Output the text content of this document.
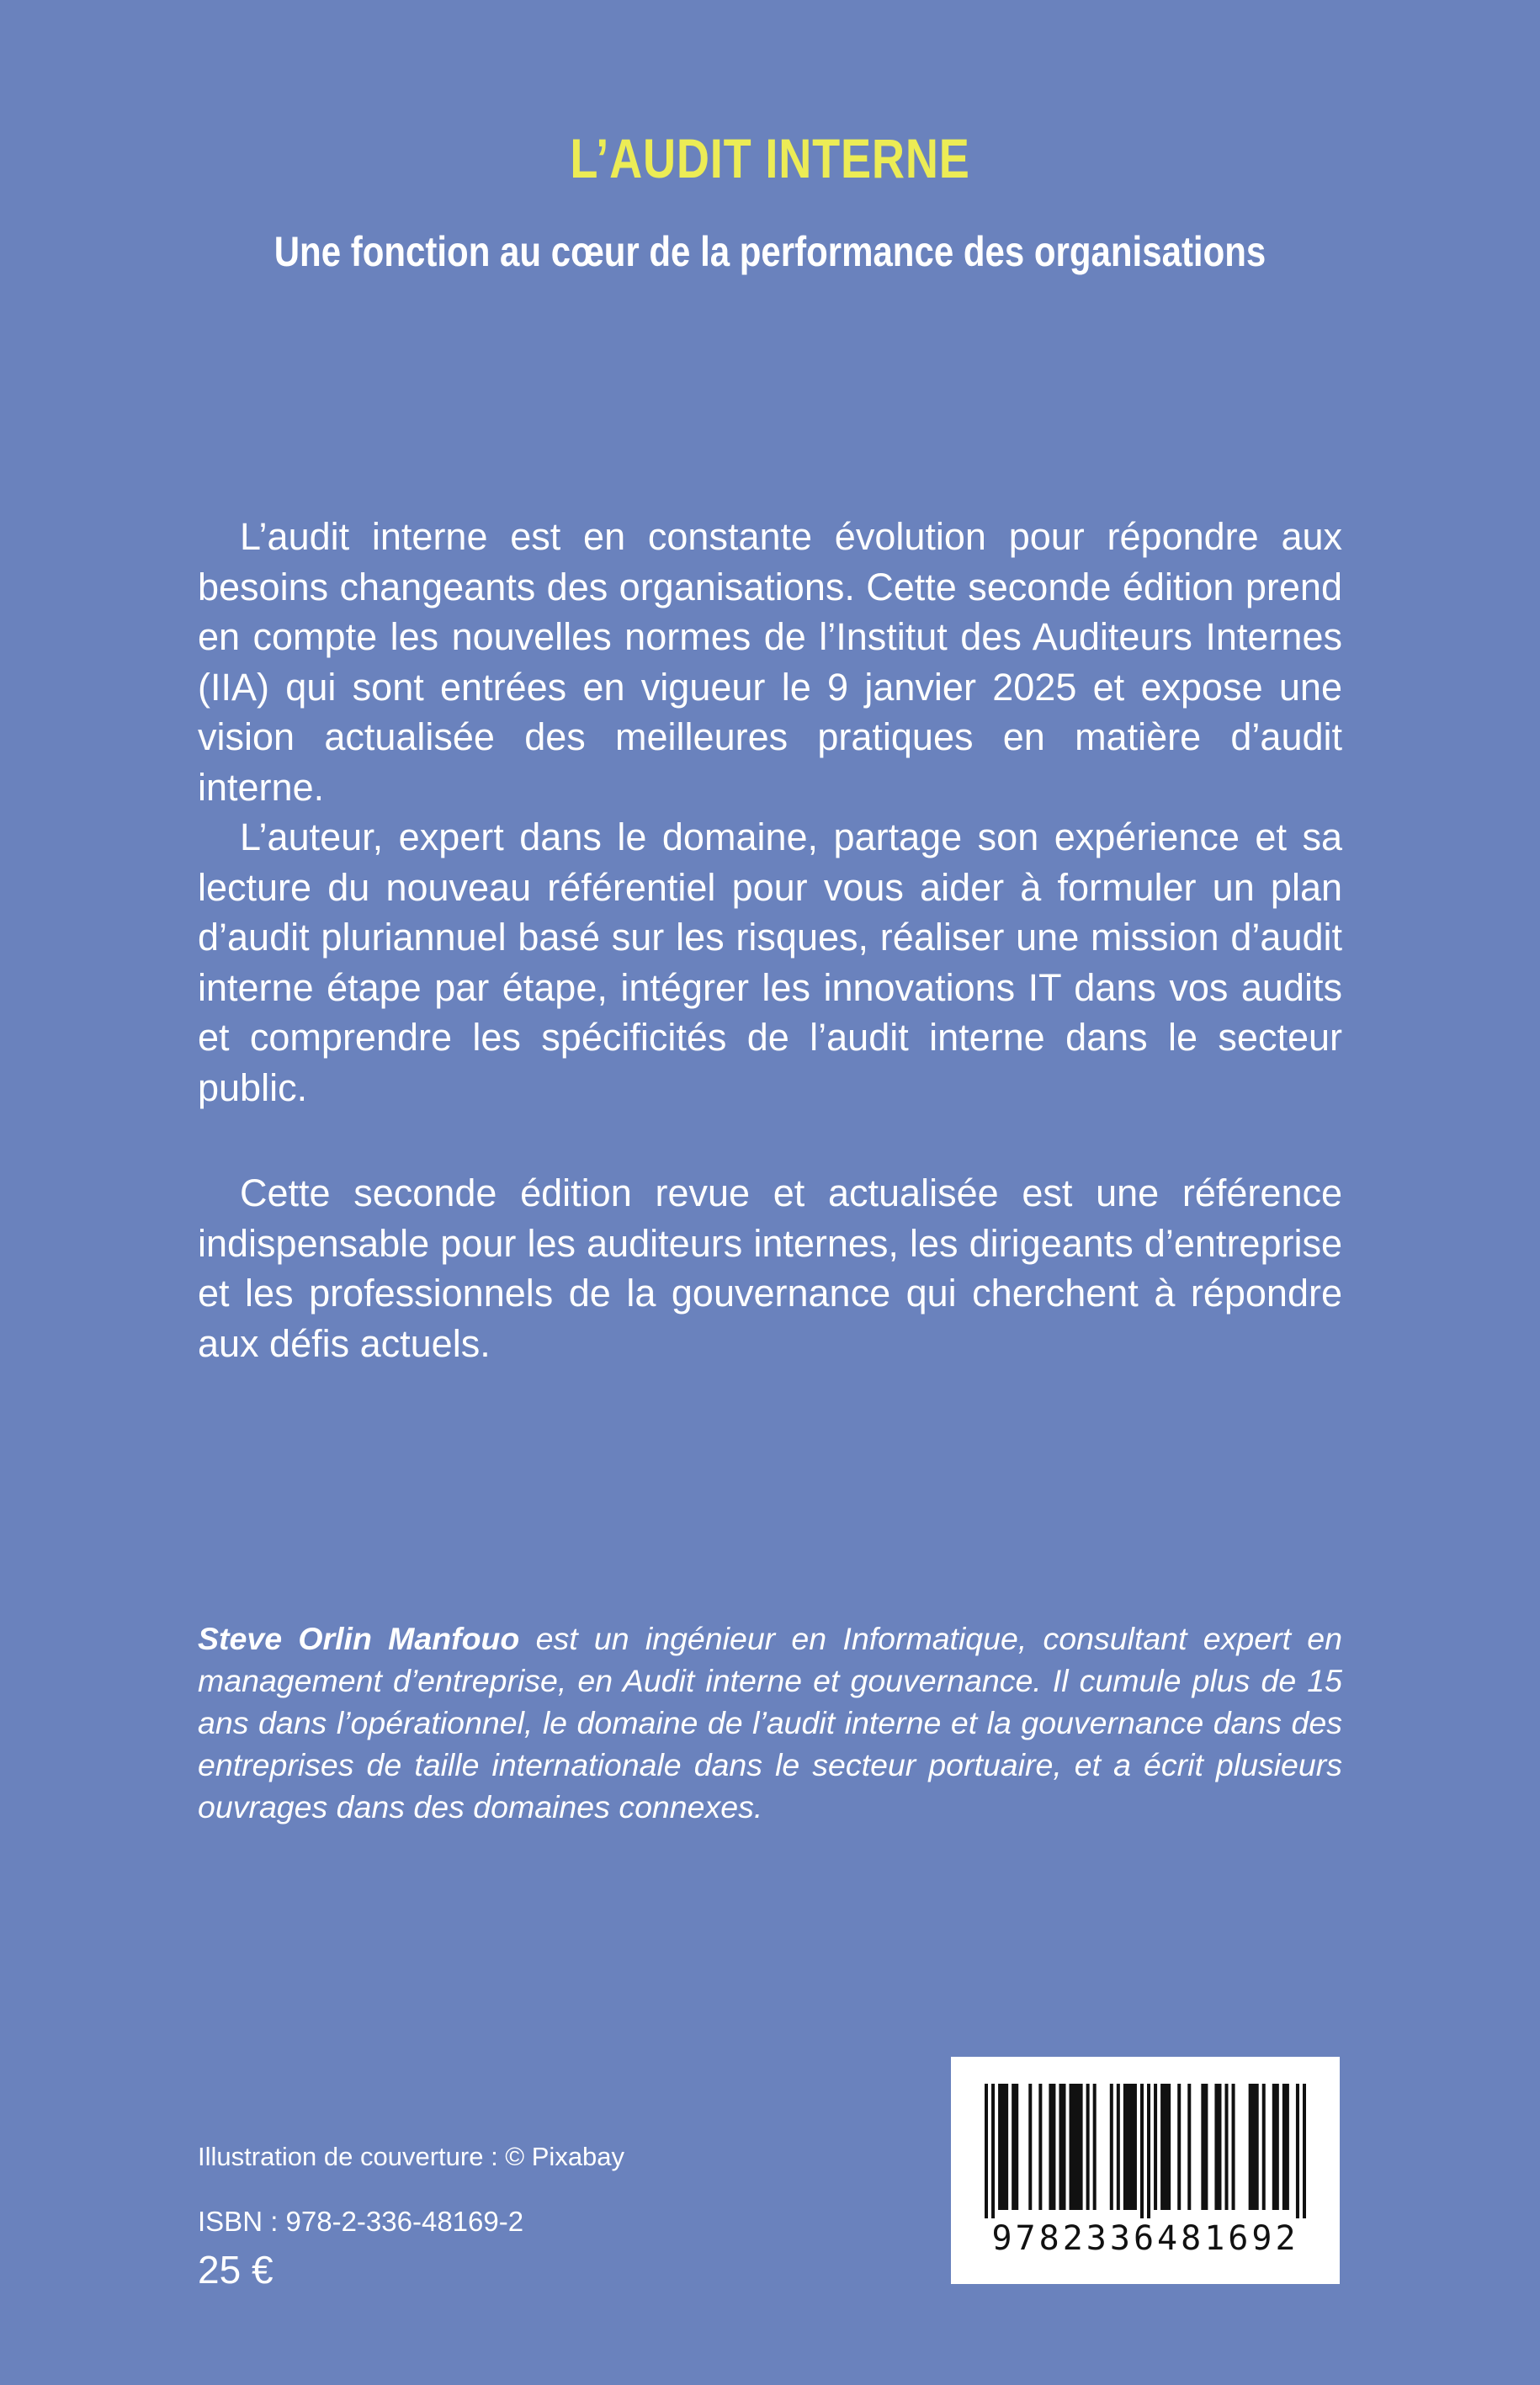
L’AUDIT INTERNE
Une fonction au cœur de la performance des organisations

L’audit interne est en constante évolution pour répondre aux besoins changeants des organisations. Cette seconde édition prend en compte les nouvelles normes de l’Institut des Auditeurs Internes (IIA) qui sont entrées en vigueur le 9 janvier 2025 et expose une vision actualisée des meilleures pratiques en matière d’audit interne.

L’auteur, expert dans le domaine, partage son expérience et sa lecture du nouveau référentiel pour vous aider à formuler un plan d’audit pluriannuel basé sur les risques, réaliser une mission d’audit interne étape par étape, intégrer les innovations IT dans vos audits et comprendre les spécificités de l’audit interne dans le secteur public.

Cette seconde édition revue et actualisée est une référence indispensable pour les auditeurs internes, les dirigeants d’entreprise et les professionnels de la gouvernance qui cherchent à répondre aux défis actuels.

Steve Orlin Manfouo est un ingénieur en Informatique, consultant expert en management d’entreprise, en Audit interne et gouvernance. Il cumule plus de 15 ans dans l’opérationnel, le domaine de l’audit interne et la gouvernance dans des entreprises de taille internationale dans le secteur portuaire, et a écrit plusieurs ouvrages dans des domaines connexes.

Illustration de couverture : © Pixabay

ISBN : 978-2-336-48169-2

25 €

9782336481692
